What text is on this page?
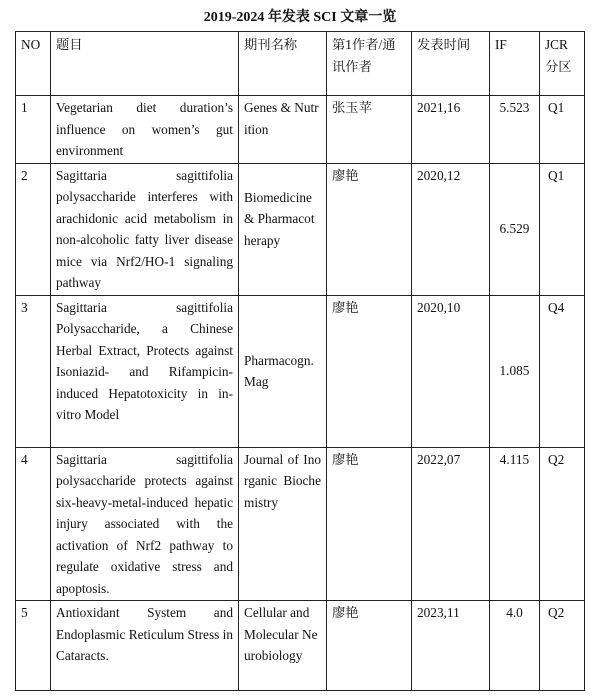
2019-2024 年发表 SCI 文章一览
NO	题目	期刊名称	第1作者/通讯作者	发表时间	IF	JCR分区
1	Vegetarian diet duration’s influence on women’s gut environment	Genes & Nutrition	张玉苹	2021,16	5.523	Q1
2	Sagittaria sagittifolia polysaccharide interferes with arachidonic acid metabolism in non-alcoholic fatty liver disease mice via Nrf2/HO-1 signaling pathway	Biomedicine& Pharmacotherapy	廖艳	2020,12	6.529	Q1
3	Sagittaria sagittifolia Polysaccharide, a Chinese Herbal Extract, Protects against Isoniazid- and Rifampicin-induced Hepatotoxicity in in-vitro Model	Pharmacogn. Mag	廖艳	2020,10	1.085	Q4
4	Sagittaria sagittifolia polysaccharide protects against six-heavy-metal-induced hepatic injury associated with the activation of Nrf2 pathway to regulate oxidative stress and apoptosis.	Journal of Inorganic Biochemistry	廖艳	2022,07	4.115	Q2
5	Antioxidant System and Endoplasmic Reticulum Stress in Cataracts.	Cellular and Molecular Neurobiology	廖艳	2023,11	4.0	Q2
